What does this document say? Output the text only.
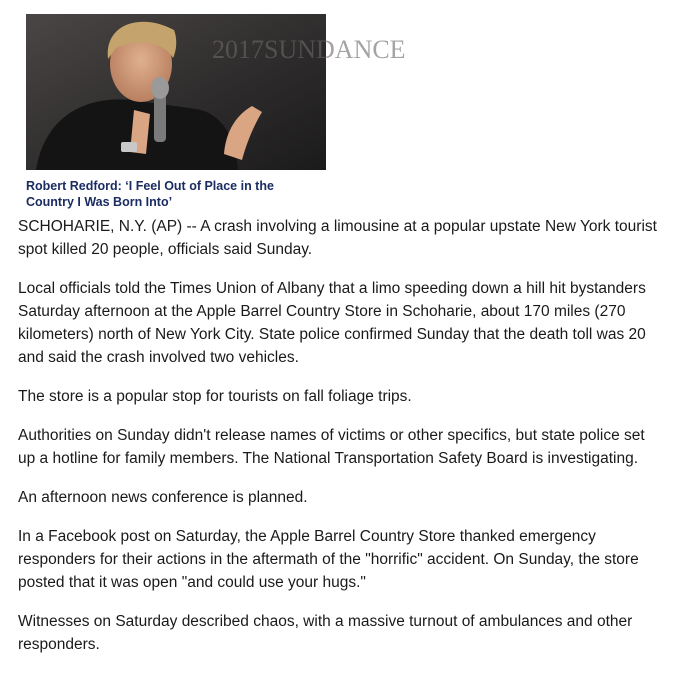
2017SUNDANCE
Robert Redford: ‘I Feel Out of Place in the Country I Was Born Into’

SCHOHARIE, N.Y. (AP) -- A crash involving a limousine at a popular upstate New York tourist spot killed 20 people, officials said Sunday.

Local officials told the Times Union of Albany that a limo speeding down a hill hit bystanders Saturday afternoon at the Apple Barrel Country Store in Schoharie, about 170 miles (270 kilometers) north of New York City. State police confirmed Sunday that the death toll was 20 and said the crash involved two vehicles.

The store is a popular stop for tourists on fall foliage trips.

Authorities on Sunday didn't release names of victims or other specifics, but state police set up a hotline for family members. The National Transportation Safety Board is investigating.

An afternoon news conference is planned.

In a Facebook post on Saturday, the Apple Barrel Country Store thanked emergency responders for their actions in the aftermath of the "horrific" accident. On Sunday, the store posted that it was open "and could use your hugs."

Witnesses on Saturday described chaos, with a massive turnout of ambulances and other responders.
